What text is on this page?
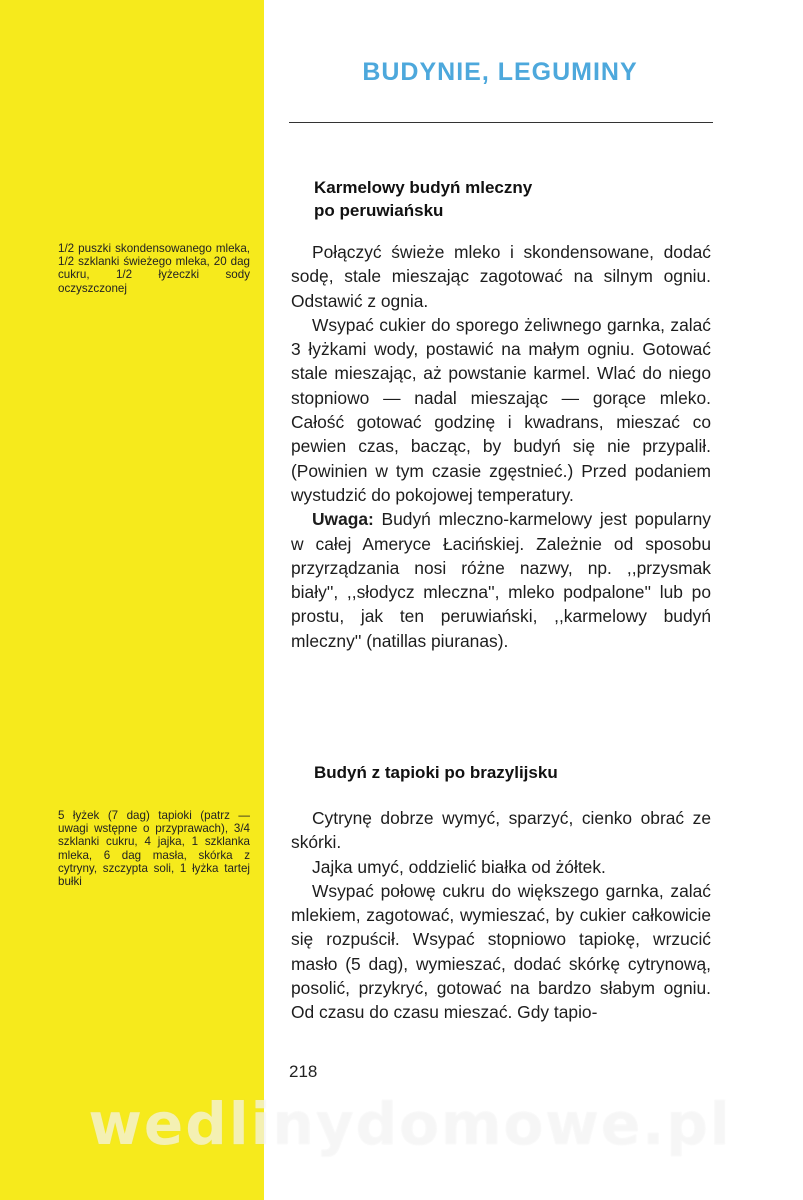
1/2 puszki skondensowanego mleka, 1/2 szklanki świeżego mleka, 20 dag cukru, 1/2 łyżeczki sody oczyszczonej
5 łyżek (7 dag) tapioki (patrz — uwagi wstępne o przyprawach), 3/4 szklanki cukru, 4 jajka, 1 szklanka mleka, 6 dag masła, skórka z cytryny, szczypta soli, 1 łyżka tartej bułki
BUDYNIE, LEGUMINY
Karmelowy budyń mleczny
po peruwiańsku

Połączyć świeże mleko i skondensowane, dodać sodę, stale mieszając zagotować na silnym ogniu. Odstawić z ognia.

Wsypać cukier do sporego żeliwnego garnka, zalać 3 łyżkami wody, postawić na małym ogniu. Gotować stale mieszając, aż powstanie karmel. Wlać do niego stopniowo — nadal mieszając — gorące mleko. Całość gotować godzinę i kwadrans, mieszać co pewien czas, bacząc, by budyń się nie przypalił. (Powinien w tym czasie zgęstnieć.) Przed podaniem wystudzić do pokojowej temperatury.

Uwaga: Budyń mleczno-karmelowy jest popularny w całej Ameryce Łacińskiej. Zależnie od sposobu przyrządzania nosi różne nazwy, np. ,,przysmak biały'', ,,słodycz mleczna'', mleko podpalone'' lub po prostu, jak ten peruwiański, ,,karmelowy budyń mleczny'' (natillas piuranas).

Budyń z tapioki po brazylijsku

Cytrynę dobrze wymyć, sparzyć, cienko obrać ze skórki.

Jajka umyć, oddzielić białka od żółtek.

Wsypać połowę cukru do większego garnka, zalać mlekiem, zagotować, wymieszać, by cukier całkowicie się rozpuścił. Wsypać stopniowo tapiokę, wrzucić masło (5 dag), wymieszać, dodać skórkę cytrynową, posolić, przykryć, gotować na bardzo słabym ogniu. Od czasu do czasu mieszać. Gdy tapio-

218
wedlinydomowe.pl
